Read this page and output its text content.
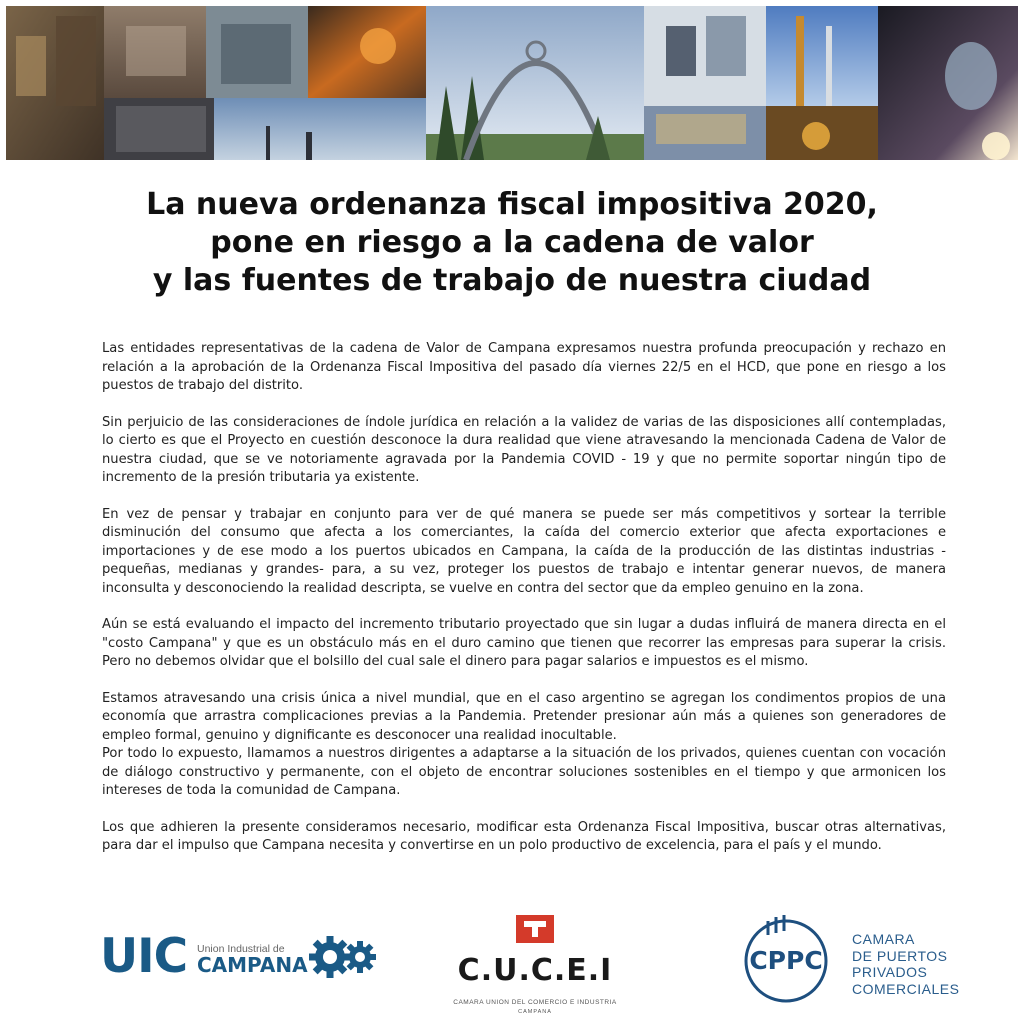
La nueva ordenanza fiscal impositiva 2020,
pone en riesgo a la cadena de valor
y las fuentes de trabajo de nuestra ciudad

Las entidades representativas de la cadena de Valor de Campana expresamos nuestra profunda preocupación y rechazo en relación a la aprobación de la Ordenanza Fiscal Impositiva del pasado día viernes 22/5 en el HCD, que pone en riesgo a los puestos de trabajo del distrito.

Sin perjuicio de las consideraciones de índole jurídica en relación a la validez de varias de las disposiciones allí contempladas, lo cierto es que el Proyecto en cuestión desconoce la dura realidad que viene atravesando la mencionada Cadena de Valor de nuestra ciudad, que se ve notoriamente agravada por la Pandemia COVID - 19 y que no permite soportar ningún tipo de incremento de la presión tributaria ya existente.

En vez de pensar y trabajar en conjunto para ver de qué manera se puede ser más competitivos y sortear la terrible disminución del consumo que afecta a los comerciantes, la caída del comercio exterior que afecta exportaciones e importaciones y de ese modo a los puertos ubicados en Campana, la caída de la producción de las distintas industrias -pequeñas, medianas y grandes- para, a su vez, proteger los puestos de trabajo e intentar generar nuevos, de manera inconsulta y desconociendo la realidad descripta, se vuelve en contra del sector que da empleo genuino en la zona.

Aún se está evaluando el impacto del incremento tributario proyectado que sin lugar a dudas influirá de manera directa en el "costo Campana" y que es un obstáculo más en el duro camino que tienen que recorrer las empresas para superar la crisis. Pero no debemos olvidar que el bolsillo del cual sale el dinero para pagar salarios e impuestos es el mismo.

Estamos atravesando una crisis única a nivel mundial, que en el caso argentino se agregan los condimentos propios de una economía que arrastra complicaciones previas a la Pandemia. Pretender presionar aún más a quienes son generadores de empleo formal, genuino y dignificante es desconocer una realidad inocultable.

Por todo lo expuesto, llamamos a nuestros dirigentes a adaptarse a la situación de los privados, quienes cuentan con vocación de diálogo constructivo y permanente, con el objeto de encontrar soluciones sostenibles en el tiempo y que armonicen los intereses de toda la comunidad de Campana.

Los que adhieren la presente consideramos necesario, modificar esta Ordenanza Fiscal Impositiva, buscar otras alternativas, para dar el impulso que Campana necesita y convertirse en un polo productivo de excelencia, para el país y el mundo.

UIC Union Industrial de
CAMPANA	C.U.C.E.I
CAMARA UNION DEL COMERCIO E INDUSTRIA
CAMPANA
CPPC
CAMARA
DE PUERTOS
PRIVADOS
COMERCIALES
